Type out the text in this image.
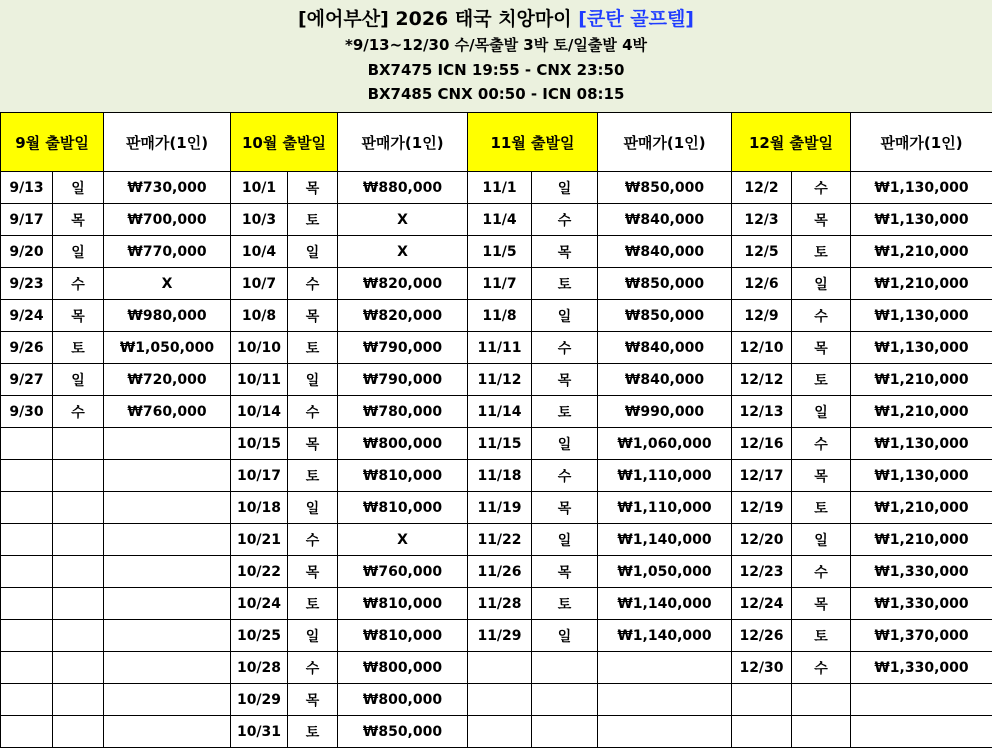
[에어부산] 2026 태국 치앙마이 [쿤탄 골프텔]
*9/13~12/30 수/목출발 3박 토/일출발 4박
BX7475 ICN 19:55 - CNX 23:50
BX7485 CNX 00:50 - ICN 08:15
9월 출발일		판매가(1인)	10월 출발일		판매가(1인)	11월 출발일		판매가(1인)	12월 출발일		판매가(1인)
9/13	일	₩730,000	10/1	목	₩880,000	11/1	일	₩850,000	12/2	수	₩1,130,000
9/17	목	₩700,000	10/3	토	X	11/4	수	₩840,000	12/3	목	₩1,130,000
9/20	일	₩770,000	10/4	일	X	11/5	목	₩840,000	12/5	토	₩1,210,000
9/23	수	X	10/7	수	₩820,000	11/7	토	₩850,000	12/6	일	₩1,210,000
9/24	목	₩980,000	10/8	목	₩820,000	11/8	일	₩850,000	12/9	수	₩1,130,000
9/26	토	₩1,050,000	10/10	토	₩790,000	11/11	수	₩840,000	12/10	목	₩1,130,000
9/27	일	₩720,000	10/11	일	₩790,000	11/12	목	₩840,000	12/12	토	₩1,210,000
9/30	수	₩760,000	10/14	수	₩780,000	11/14	토	₩990,000	12/13	일	₩1,210,000
			10/15	목	₩800,000	11/15	일	₩1,060,000	12/16	수	₩1,130,000
			10/17	토	₩810,000	11/18	수	₩1,110,000	12/17	목	₩1,130,000
			10/18	일	₩810,000	11/19	목	₩1,110,000	12/19	토	₩1,210,000
			10/21	수	X	11/22	일	₩1,140,000	12/20	일	₩1,210,000
			10/22	목	₩760,000	11/26	목	₩1,050,000	12/23	수	₩1,330,000
			10/24	토	₩810,000	11/28	토	₩1,140,000	12/24	목	₩1,330,000
			10/25	일	₩810,000	11/29	일	₩1,140,000	12/26	토	₩1,370,000
			10/28	수	₩800,000				12/30	수	₩1,330,000
			10/29	목	₩800,000						
			10/31	토	₩850,000						
